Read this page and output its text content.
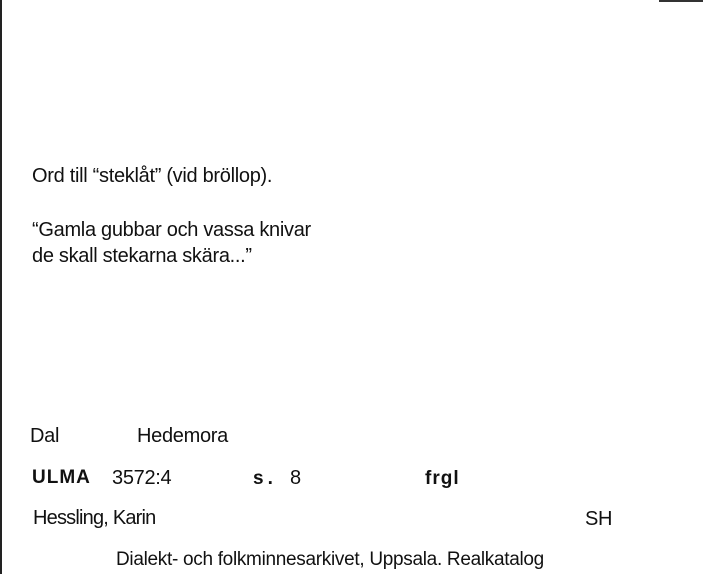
Ord till “steklåt” (vid bröllop).
“Gamla gubbar och vassa knivar
de skall stekarna skära...”
Dal	Hedemora
ULMA 3572:4	s. 8	frgl
Hessling, Karin	SH
Dialekt- och folkminnesarkivet, Uppsala. Realkatalog
